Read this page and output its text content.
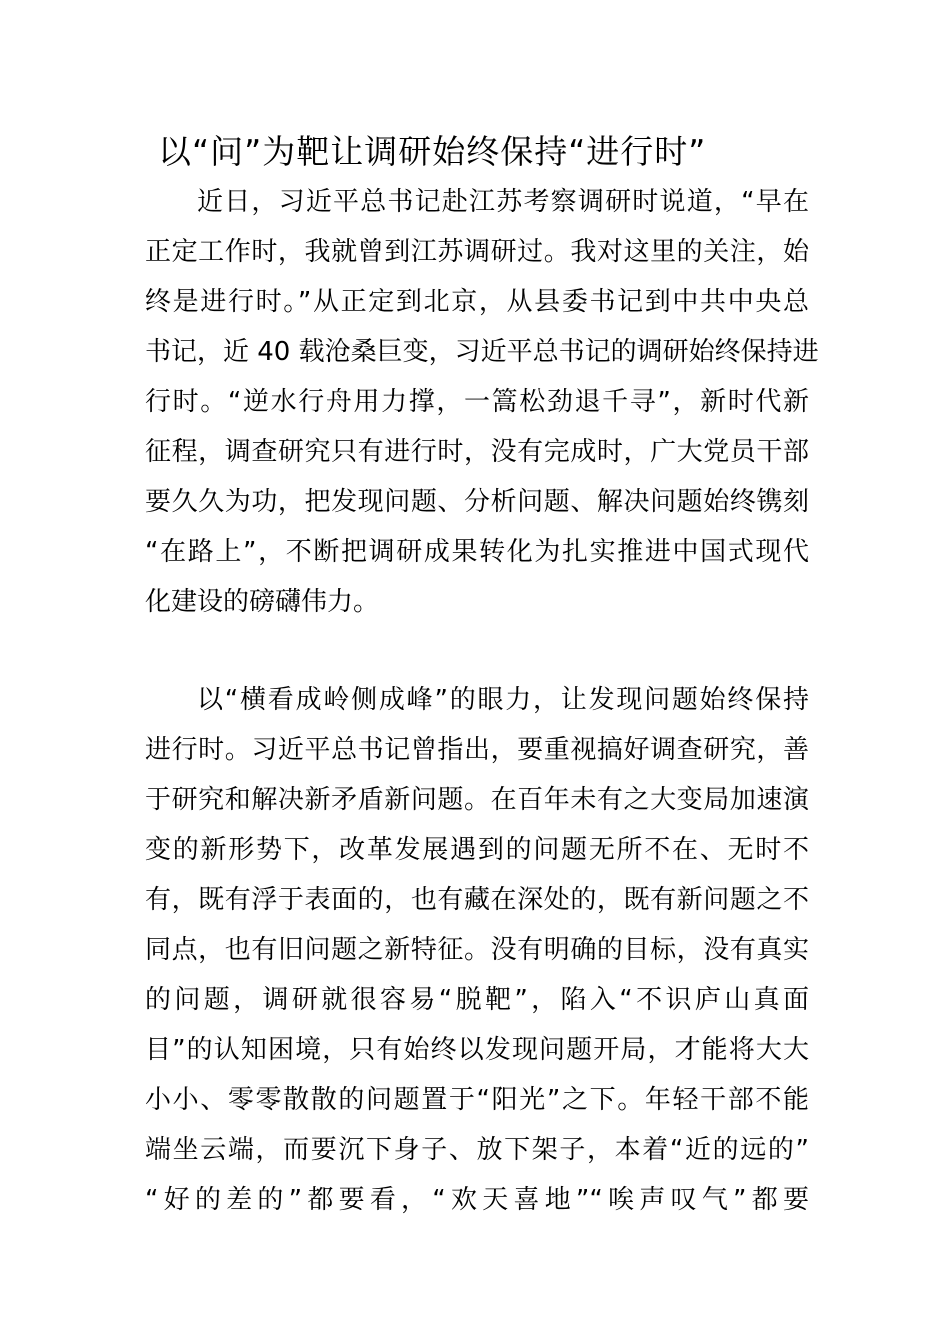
以“问”为靶让调研始终保持“进行时”
近日，习近平总书记赴江苏考察调研时说道，“早在
正定工作时，我就曾到江苏调研过。我对这里的关注，始
终是进行时。”从正定到北京，从县委书记到中共中央总
书记，近 40 载沧桑巨变，习近平总书记的调研始终保持进
行时。“逆水行舟用力撑，一篙松劲退千寻”，新时代新
征程，调查研究只有进行时，没有完成时，广大党员干部
要久久为功，把发现问题、分析问题、解决问题始终镌刻
“在路上”，不断把调研成果转化为扎实推进中国式现代
化建设的磅礴伟力。
以“横看成岭侧成峰”的眼力，让发现问题始终保持
进行时。习近平总书记曾指出，要重视搞好调查研究，善
于研究和解决新矛盾新问题。在百年未有之大变局加速演
变的新形势下，改革发展遇到的问题无所不在、无时不
有，既有浮于表面的，也有藏在深处的，既有新问题之不
同点，也有旧问题之新特征。没有明确的目标，没有真实
的问题，调研就很容易“脱靶”，陷入“不识庐山真面
目”的认知困境，只有始终以发现问题开局，才能将大大
小小、零零散散的问题置于“阳光”之下。年轻干部不能
端坐云端，而要沉下身子、放下架子，本着“近的远的”
“好的差的”都要看，“欢天喜地”“唉声叹气”都要
